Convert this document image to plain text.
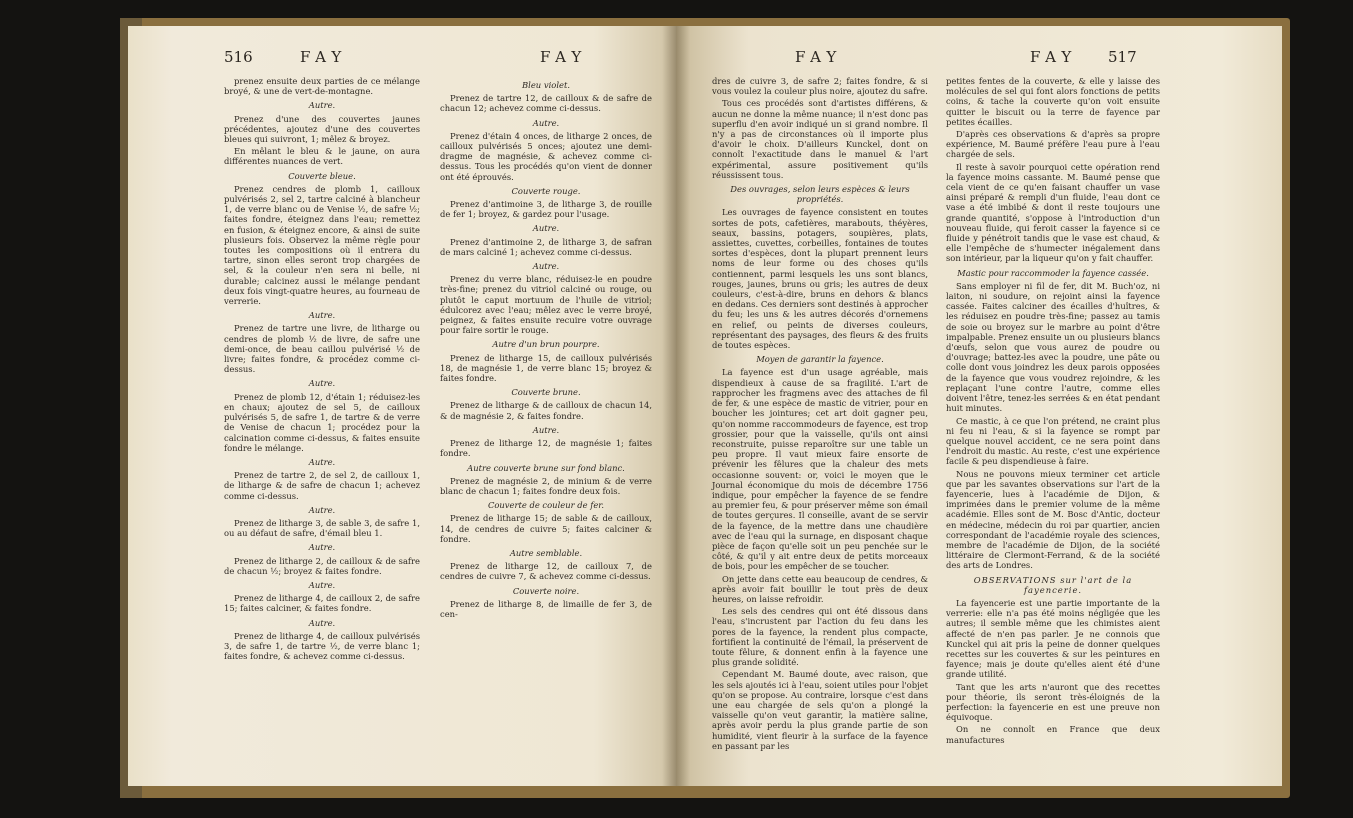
516	FAY	FAY	FAY	FAY 517

prenez ensuite deux parties de ce mélange broyé, & une de vert-de-montagne.

Autre.

Prenez d'une des couvertes jaunes précédentes, ajoutez d'une des couvertes bleues qui suivront, 1; mêlez & broyez.

En mêlant le bleu & le jaune, on aura différentes nuances de vert.

Couverte bleue.

Prenez cendres de plomb 1, cailloux pulvérisés 2, sel 2, tartre calciné à blancheur 1, de verre blanc ou de Venise ½, de safre ½; faites fondre, éteignez dans l'eau; remettez en fusion, & éteignez encore, & ainsi de suite plusieurs fois. Observez la même règle pour toutes les compositions où il entrera du tartre, sinon elles seront trop chargées de sel, & la couleur n'en sera ni belle, ni durable; calcinez aussi le mélange pendant deux fois vingt-quatre heures, au fourneau de verrerie.

Autre.

Prenez de tartre une livre, de litharge ou cendres de plomb ½ de livre, de safre une demi-once, de beau caillou pulvérisé ½ de livre; faites fondre, & procédez comme ci-dessus.

Autre.

Prenez de plomb 12, d'étain 1; réduisez-les en chaux; ajoutez de sel 5, de cailloux pulvérisés 5, de safre 1, de tartre & de verre de Venise de chacun 1; procédez pour la calcination comme ci-dessus, & faites ensuite fondre le mélange.

Autre.

Prenez de tartre 2, de sel 2, de cailloux 1, de litharge & de safre de chacun 1; achevez comme ci-dessus.

Autre.

Prenez de litharge 3, de sable 3, de safre 1, ou au défaut de safre, d'émail bleu 1.

Autre.

Prenez de litharge 2, de cailloux & de safre de chacun ½; broyez & faites fondre.

Autre.

Prenez de litharge 4, de cailloux 2, de safre 15; faites calciner, & faites fondre.

Autre.

Prenez de litharge 4, de cailloux pulvérisés 3, de safre 1, de tartre ½, de verre blanc 1; faites fondre, & achevez comme ci-dessus.

Bleu violet.

Prenez de tartre 12, de cailloux & de safre de chacun 12; achevez comme ci-dessus.

Autre.

Prenez d'étain 4 onces, de litharge 2 onces, de cailloux pulvérisés 5 onces; ajoutez une demi-dragme de magnésie, & achevez comme ci-dessus. Tous les procédés qu'on vient de donner ont été éprouvés.

Couverte rouge.

Prenez d'antimoine 3, de litharge 3, de rouille de fer 1; broyez, & gardez pour l'usage.

Autre.

Prenez d'antimoine 2, de litharge 3, de safran de mars calciné 1; achevez comme ci-dessus.

Autre.

Prenez du verre blanc, réduisez-le en poudre très-fine; prenez du vitriol calciné ou rouge, ou plutôt le caput mortuum de l'huile de vitriol; édulcorez avec l'eau; mêlez avec le verre broyé, peignez, & faites ensuite recuire votre ouvrage pour faire sortir le rouge.

Autre d'un brun pourpre.

Prenez de litharge 15, de cailloux pulvérisés 18, de magnésie 1, de verre blanc 15; broyez & faites fondre.

Couverte brune.

Prenez de litharge & de cailloux de chacun 14, & de magnésie 2, & faites fondre.

Autre.

Prenez de litharge 12, de magnésie 1; faites fondre.

Autre couverte brune sur fond blanc.

Prenez de magnésie 2, de minium & de verre blanc de chacun 1; faites fondre deux fois.

Couverte de couleur de fer.

Prenez de litharge 15; de sable & de cailloux, 14, de cendres de cuivre 5; faites calciner & fondre.

Autre semblable.

Prenez de litharge 12, de cailloux 7, de cendres de cuivre 7, & achevez comme ci-dessus.

Couverte noire.

Prenez de litharge 8, de limaille de fer 3, de cen-

dres de cuivre 3, de safre 2; faites fondre, & si vous voulez la couleur plus noire, ajoutez du safre.

Tous ces procédés sont d'artistes différens, & aucun ne donne la même nuance; il n'est donc pas superflu d'en avoir indiqué un si grand nombre. Il n'y a pas de circonstances où il importe plus d'avoir le choix. D'ailleurs Kunckel, dont on connoît l'exactitude dans le manuel & l'art expérimental, assure positivement qu'ils réussissent tous.

Des ouvrages, selon leurs espèces & leurs propriétés.

Les ouvrages de fayence consistent en toutes sortes de pots, cafetières, marabouts, théyères, seaux, bassins, potagers, soupières, plats, assiettes, cuvettes, corbeilles, fontaines de toutes sortes d'espèces, dont la plupart prennent leurs noms de leur forme ou des choses qu'ils contiennent, parmi lesquels les uns sont blancs, rouges, jaunes, bruns ou gris; les autres de deux couleurs, c'est-à-dire, bruns en dehors & blancs en dedans. Ces derniers sont destinés à approcher du feu; les uns & les autres décorés d'ornemens en relief, ou peints de diverses couleurs, représentant des paysages, des fleurs & des fruits de toutes espèces.

Moyen de garantir la fayence.

La fayence est d'un usage agréable, mais dispendieux à cause de sa fragilité. L'art de rapprocher les fragmens avec des attaches de fil de fer, & une espèce de mastic de vitrier, pour en boucher les jointures; cet art doit gagner peu, qu'on nomme raccommodeurs de fayence, est trop grossier, pour que la vaisselle, qu'ils ont ainsi reconstruite, puisse reparoître sur une table un peu propre. Il vaut mieux faire ensorte de prévenir les fêlures que la chaleur des mets occasionne souvent: or, voici le moyen que le Journal économique du mois de décembre 1756 indique, pour empêcher la fayence de se fendre au premier feu, & pour préserver même son émail de toutes gerçures. Il conseille, avant de se servir de la fayence, de la mettre dans une chaudière avec de l'eau qui la surnage, en disposant chaque pièce de façon qu'elle soit un peu penchée sur le côté, & qu'il y ait entre deux de petits morceaux de bois, pour les empêcher de se toucher.

On jette dans cette eau beaucoup de cendres, & après avoir fait bouillir le tout près de deux heures, on laisse refroidir.

Les sels des cendres qui ont été dissous dans l'eau, s'incrustent par l'action du feu dans les pores de la fayence, la rendent plus compacte, fortifient la continuité de l'émail, la préservent de toute fêlure, & donnent enfin à la fayence une plus grande solidité.

Cependant M. Baumé doute, avec raison, que les sels ajoutés ici à l'eau, soient utiles pour l'objet qu'on se propose. Au contraire, lorsque c'est dans une eau chargée de sels qu'on a plongé la vaisselle qu'on veut garantir, la matière saline, après avoir perdu la plus grande partie de son humidité, vient fleurir à la surface de la fayence en passant par les

petites fentes de la couverte, & elle y laisse des molécules de sel qui font alors fonctions de petits coins, & tache la couverte qu'on voit ensuite quitter le biscuit ou la terre de fayence par petites écailles.

D'après ces observations & d'après sa propre expérience, M. Baumé préfère l'eau pure à l'eau chargée de sels.

Il reste à savoir pourquoi cette opération rend la fayence moins cassante. M. Baumé pense que cela vient de ce qu'en faisant chauffer un vase ainsi préparé & rempli d'un fluide, l'eau dont ce vase a été imbibé & dont il reste toujours une grande quantité, s'oppose à l'introduction d'un nouveau fluide, qui feroit casser la fayence si ce fluide y pénétroit tandis que le vase est chaud, & elle l'empêche de s'humecter inégalement dans son intérieur, par la liqueur qu'on y fait chauffer.

Mastic pour raccommoder la fayence cassée.

Sans employer ni fil de fer, dit M. Buch'oz, ni laiton, ni soudure, on rejoint ainsi la fayence cassée. Faites calciner des écailles d'huîtres, & les réduisez en poudre très-fine; passez au tamis de soie ou broyez sur le marbre au point d'être impalpable. Prenez ensuite un ou plusieurs blancs d'œufs, selon que vous aurez de poudre ou d'ouvrage; battez-les avec la poudre, une pâte ou colle dont vous joindrez les deux parois opposées de la fayence que vous voudrez rejoindre, & les replaçant l'une contre l'autre, comme elles doivent l'être, tenez-les serrées & en état pendant huit minutes.

Ce mastic, à ce que l'on prétend, ne craint plus ni feu ni l'eau, & si la fayence se rompt par quelque nouvel accident, ce ne sera point dans l'endroit du mastic. Au reste, c'est une expérience facile & peu dispendieuse à faire.

Nous ne pouvons mieux terminer cet article que par les savantes observations sur l'art de la fayencerie, lues à l'académie de Dijon, & imprimées dans le premier volume de la même académie. Elles sont de M. Bosc d'Antic, docteur en médecine, médecin du roi par quartier, ancien correspondant de l'académie royale des sciences, membre de l'académie de Dijon, de la société littéraire de Clermont-Ferrand, & de la société des arts de Londres.

OBSERVATIONS sur l'art de la fayencerie.

La fayencerie est une partie importante de la verrerie: elle n'a pas été moins négligée que les autres; il semble même que les chimistes aient affecté de n'en pas parler. Je ne connois que Kunckel qui ait pris la peine de donner quelques recettes sur les couvertes & sur les peintures en fayence; mais je doute qu'elles aient été d'une grande utilité.

Tant que les arts n'auront que des recettes pour théorie, ils seront très-éloignés de la perfection: la fayencerie en est une preuve non équivoque.

On ne connoît en France que deux manufactures
